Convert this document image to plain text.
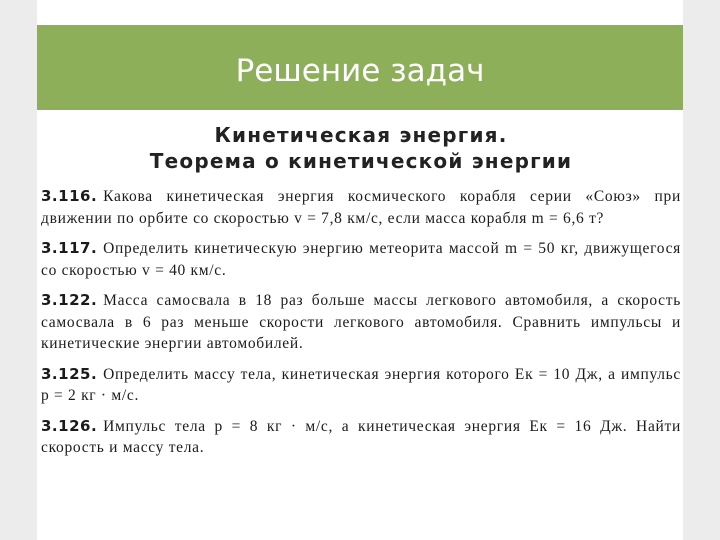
Решение задач
Кинетическая энергия.
Теорема о кинетической энергии
3.116. Какова кинетическая энергия космического корабля серии «Союз» при движении по орбите со скоростью v = 7,8 км/с, если масса корабля m = 6,6 т?
3.117. Определить кинетическую энергию метеорита массой m = 50 кг, движущегося со скоростью v = 40 км/с.
3.122. Масса самосвала в 18 раз больше массы легкового автомобиля, а скорость самосвала в 6 раз меньше скорости легкового автомобиля. Сравнить импульсы и кинетические энергии автомобилей.
3.125. Определить массу тела, кинетическая энергия которого Eк = 10 Дж, а импульс p = 2 кг · м/с.
3.126. Импульс тела p = 8 кг · м/с, а кинетическая энергия Eк = 16 Дж. Найти скорость и массу тела.
